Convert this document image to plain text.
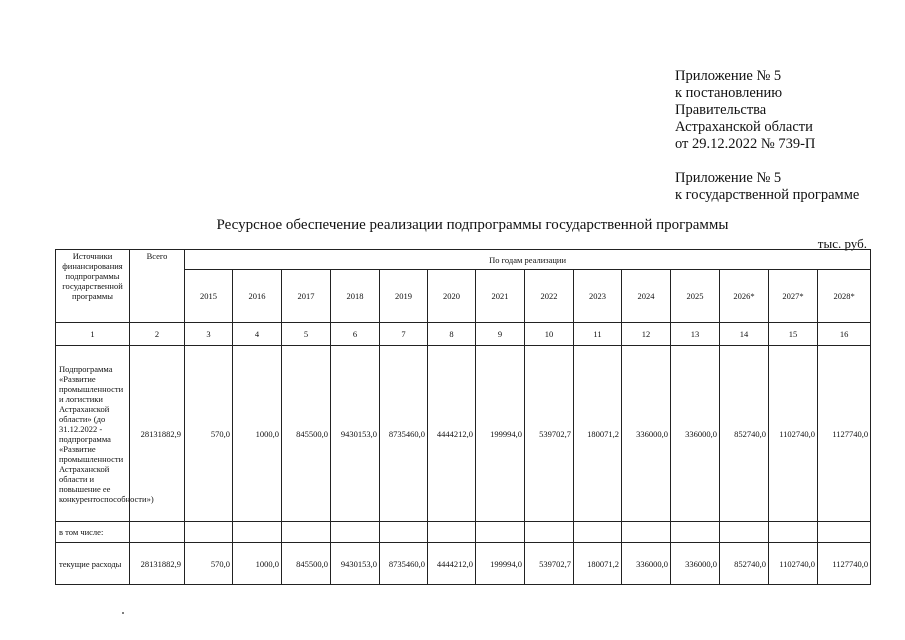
Приложение № 5
к постановлению
Правительства
Астраханской области
от 29.12.2022 № 739-П
Приложение № 5
к государственной программе
Ресурсное обеспечение реализации подпрограммы государственной программы
тыс. руб.
Источники финансирования подпрограммы государственной программы	Всего	По годам реализации													
		2015	2016	2017	2018	2019	2020	2021	2022	2023	2024	2025	2026*	2027*	2028*
1	2	3	4	5	6	7	8	9	10	11	12	13	14	15	16
Подпрограмма «Развитие промышленности и логистики Астраханской области» (до 31.12.2022 - подпрограмма «Развитие промышленности Астраханской области и повышение ее конкурентоспособности»)	28131882,9	570,0	1000,0	845500,0	9430153,0	8735460,0	4444212,0	199994,0	539702,7	180071,2	336000,0	336000,0	852740,0	1102740,0	1127740,0
в том числе:															
текущие расходы	28131882,9	570,0	1000,0	845500,0	9430153,0	8735460,0	4444212,0	199994,0	539702,7	180071,2	336000,0	336000,0	852740,0	1102740,0	1127740,0
